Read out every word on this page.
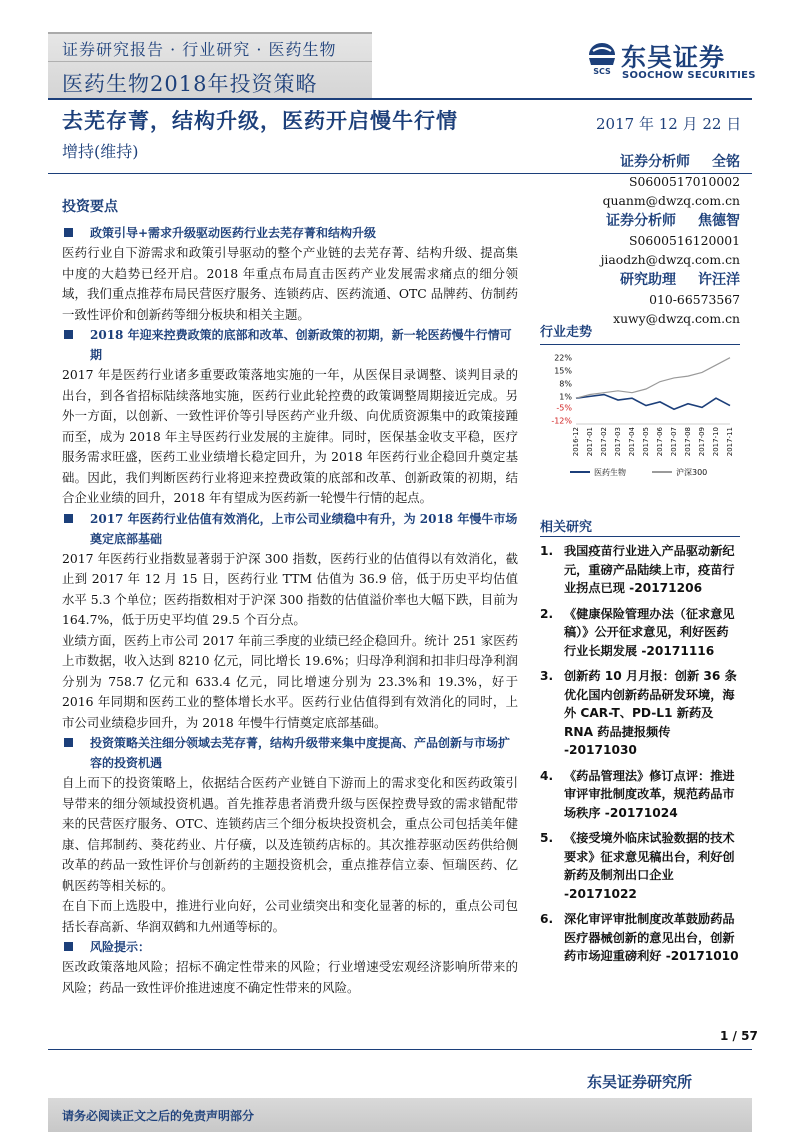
证券研究报告 · 行业研究 · 医药生物
医药生物2018年投资策略
SCS 东吴证券
SOOCHOW SECURITIES
去芜存菁，结构升级，医药开启慢牛行情
增持(维持)
2017 年 12 月 22 日
投资要点
政策引导+需求升级驱动医药行业去芜存菁和结构升级
医药行业自下游需求和政策引导驱动的整个产业链的去芜存菁、结构升级、提高集中度的大趋势已经开启。2018 年重点布局直击医药产业发展需求痛点的细分领域，我们重点推荐布局民营医疗服务、连锁药店、医药流通、OTC 品牌药、仿制药一致性评价和创新药等细分板块和相关主题。
2018 年迎来控费政策的底部和改革、创新政策的初期，新一轮医药慢牛行情可期
2017 年是医药行业诸多重要政策落地实施的一年，从医保目录调整、谈判目录的出台，到各省招标陆续落地实施，医药行业此轮控费的政策调整周期接近完成。另外一方面，以创新、一致性评价等引导医药产业升级、向优质资源集中的政策接踵而至，成为 2018 年主导医药行业发展的主旋律。同时，医保基金收支平稳，医疗服务需求旺盛，医药工业业绩增长稳定回升，为 2018 年医药行业企稳回升奠定基础。因此，我们判断医药行业将迎来控费政策的底部和改革、创新政策的初期，结合企业业绩的回升，2018 年有望成为医药新一轮慢牛行情的起点。
2017 年医药行业估值有效消化，上市公司业绩稳中有升，为 2018 年慢牛市场奠定底部基础
2017 年医药行业指数显著弱于沪深 300 指数，医药行业的估值得以有效消化，截止到 2017 年 12 月 15 日，医药行业 TTM 估值为 36.9 倍，低于历史平均估值水平 5.3 个单位；医药指数相对于沪深 300 指数的估值溢价率也大幅下跌，目前为 164.7%，低于历史平均值 29.5 个百分点。
业绩方面，医药上市公司 2017 年前三季度的业绩已经企稳回升。统计 251 家医药上市数据，收入达到 8210 亿元，同比增长 19.6%；归母净利润和扣非归母净利润分别为 758.7 亿元和 633.4 亿元，同比增速分别为 23.3%和 19.3%，好于 2016 年同期和医药工业的整体增长水平。医药行业估值得到有效消化的同时，上市公司业绩稳步回升，为 2018 年慢牛行情奠定底部基础。
投资策略关注细分领域去芜存菁，结构升级带来集中度提高、产品创新与市场扩容的投资机遇
自上而下的投资策略上，依据结合医药产业链自下游而上的需求变化和医药政策引导带来的细分领域投资机遇。首先推荐患者消费升级与医保控费导致的需求错配带来的民营医疗服务、OTC、连锁药店三个细分板块投资机会，重点公司包括美年健康、信邦制药、葵花药业、片仔癀，以及连锁药店标的。其次推荐驱动医药供给侧改革的药品一致性评价与创新药的主题投资机会，重点推荐信立泰、恒瑞医药、亿帆医药等相关标的。
在自下而上选股中，推进行业向好，公司业绩突出和变化显著的标的，重点公司包括长春高新、华润双鹤和九州通等标的。
风险提示：
医改政策落地风险；招标不确定性带来的风险；行业增速受宏观经济影响所带来的风险；药品一致性评价推进速度不确定性带来的风险。
证券分析师 全铭
S0600517010002
quanm@dwzq.com.cn
证券分析师 焦德智
S0600516120001
jiaodzh@dwzq.com.cn
研究助理 许汪洋
010-66573567
xuwy@dwzq.com.cn
行业走势
22%
15%
8%
1%
-5%
-12%
2016-12 2017-01 2017-02 2017-03 2017-04 2017-05 2017-06 2017-07 2017-08 2017-09 2017-10 2017-11
医药生物	沪深300
相关研究
1. 我国疫苗行业进入产品驱动新纪元，重磅产品陆续上市，疫苗行业拐点已现 -20171206
2. 《健康保险管理办法（征求意见稿）》公开征求意见，利好医药行业长期发展 -20171116
3. 创新药 10 月月报：创新 36 条优化国内创新药品研发环境，海外 CAR-T、PD-L1 新药及 RNA 药品捷报频传 -20171030
4. 《药品管理法》修订点评：推进审评审批制度改革，规范药品市场秩序 -20171024
5. 《接受境外临床试验数据的技术要求》征求意见稿出台，利好创新药及制剂出口企业 -20171022
6. 深化审评审批制度改革鼓励药品医疗器械创新的意见出台，创新药市场迎重磅利好 -20171010
1 / 57
东吴证券研究所
请务必阅读正文之后的免责声明部分
